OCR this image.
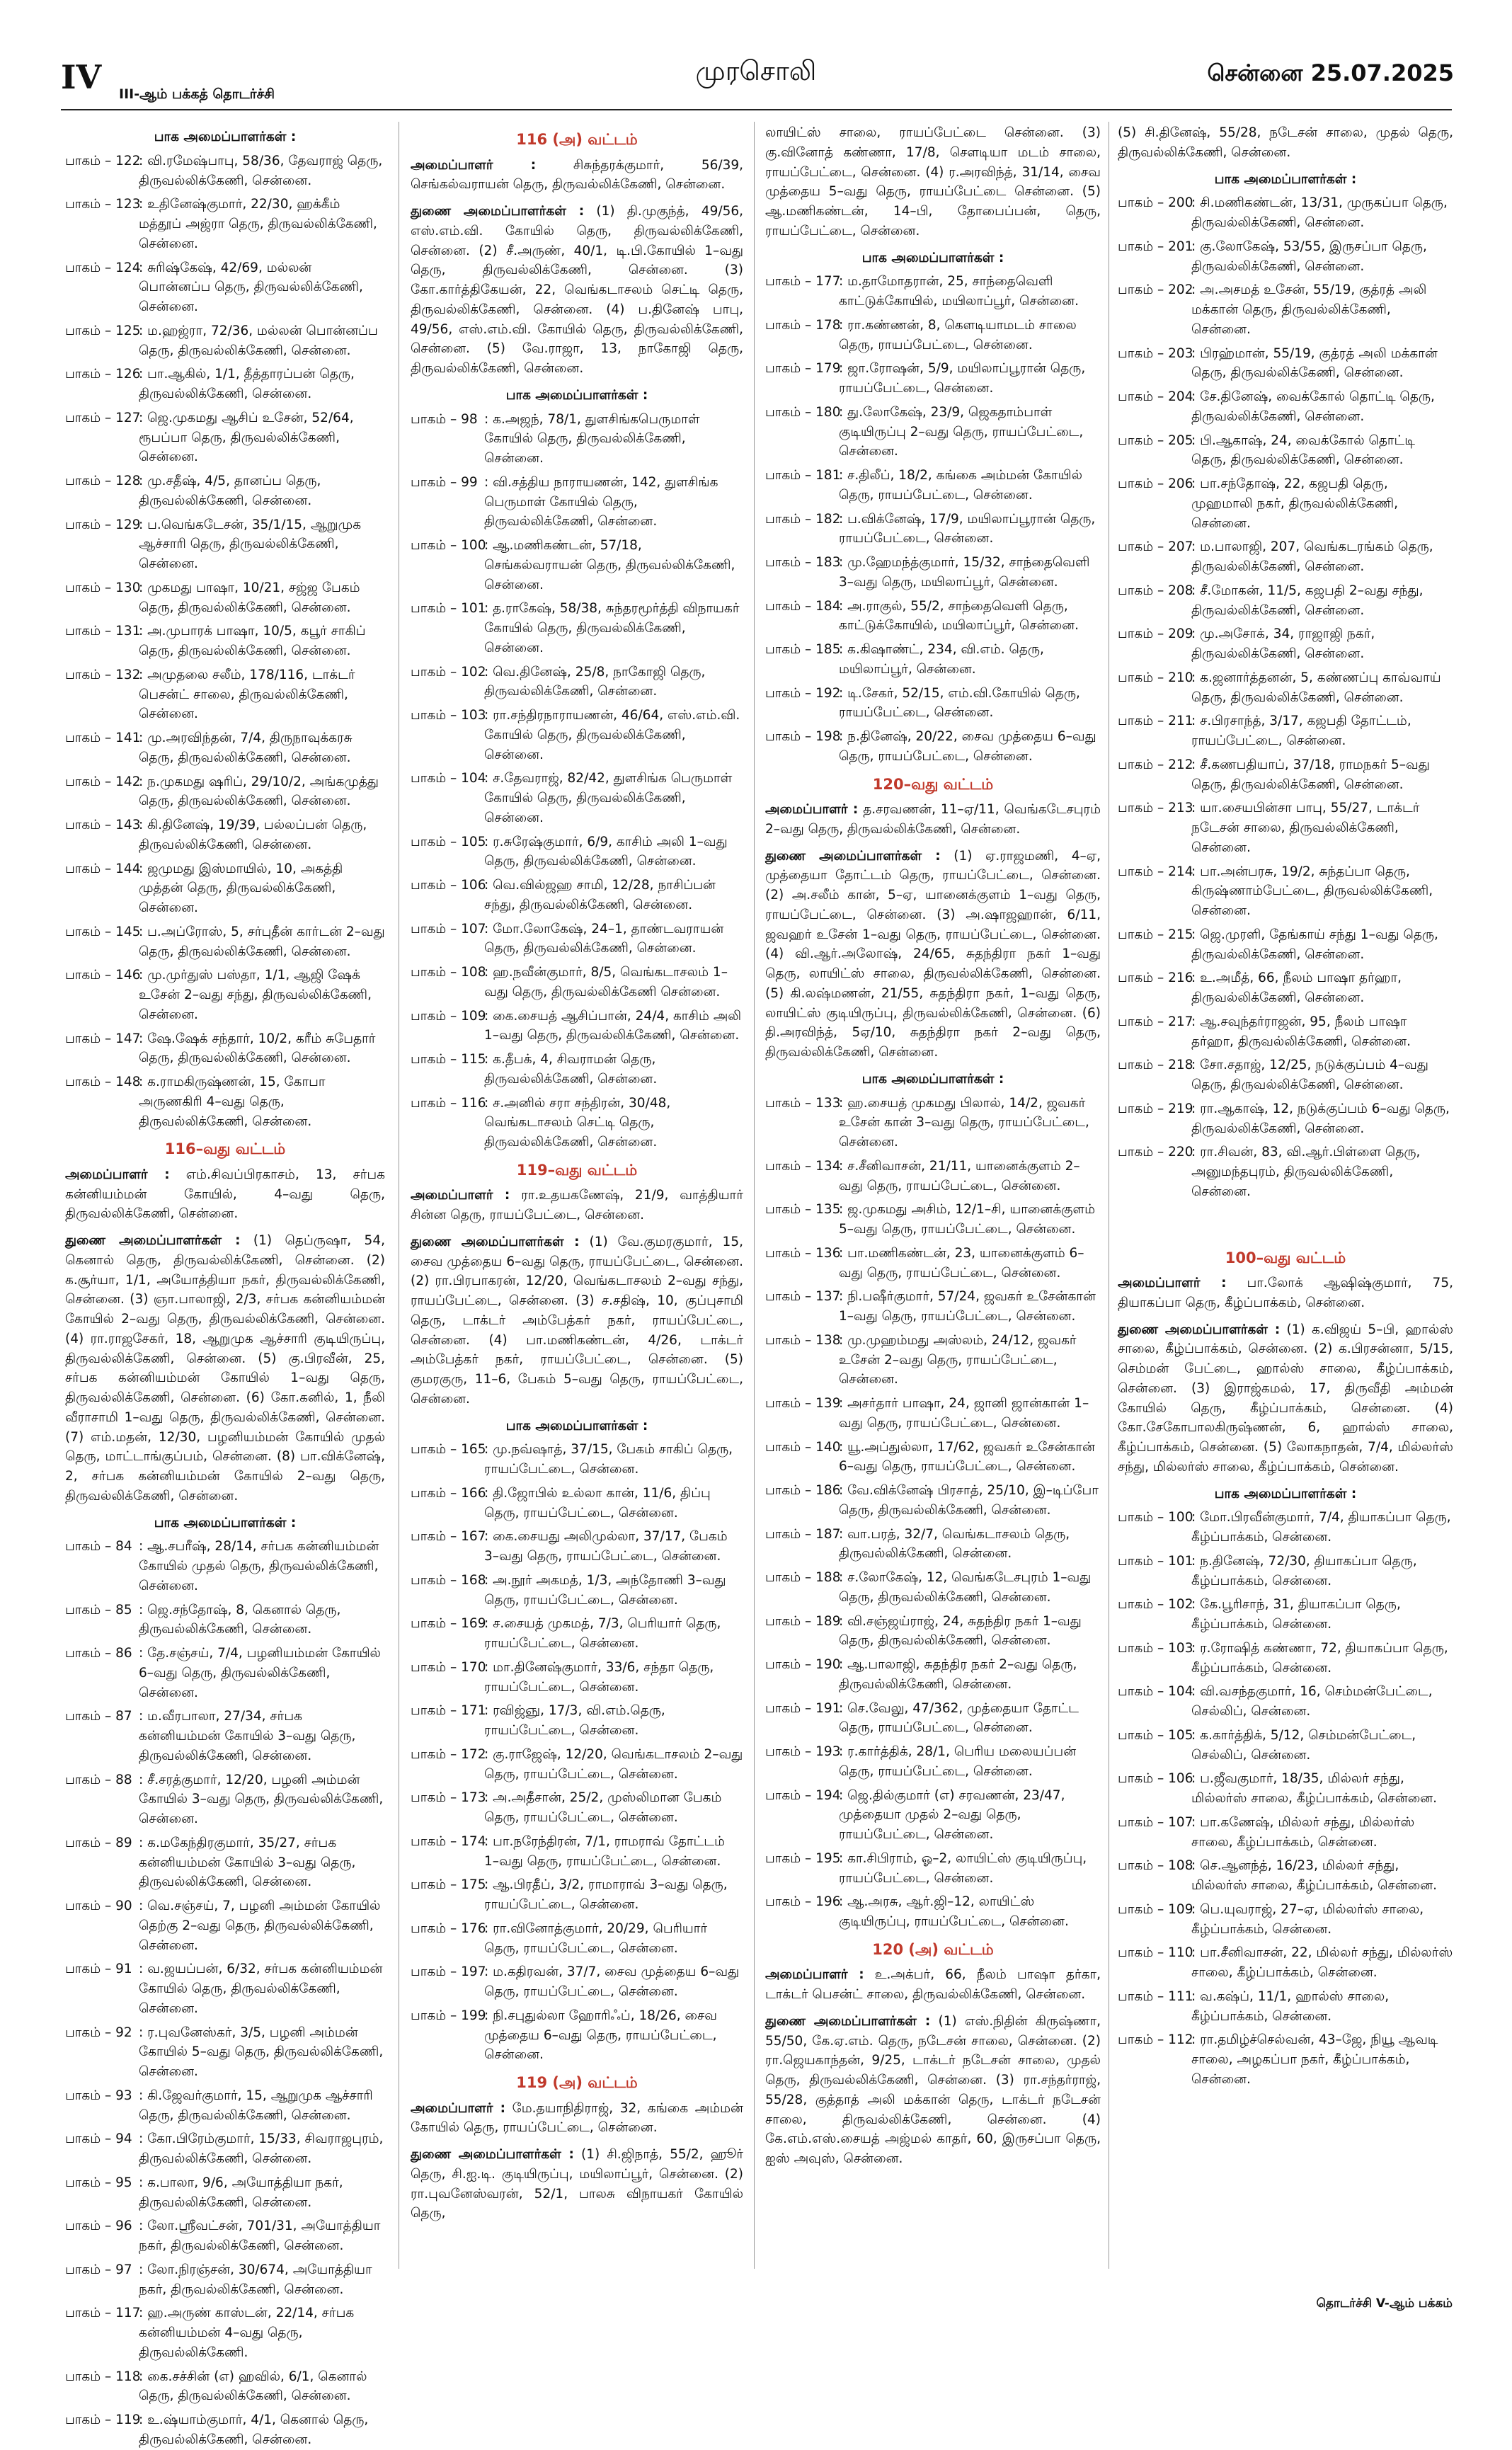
IV III-ஆம் பக்கத் தொடர்ச்சி
முரசொலி	சென்னை 25.07.2025
பாக அமைப்பாளர்கள் :
பாகம் – 122
: வி.ரமேஷ்பாபு, 58/36, தேவராஜ் தெரு, திருவல்லிக்கேணி, சென்னை.
பாகம் – 123
: உதினேஷ்குமார், 22/30, ஹக்கீம் மத்தூப் அஜ்ரா தெரு, திருவல்லிக்கேணி, சென்னை.
பாகம் – 124
: சுரிஷ்கேஷ், 42/69, மல்லன் பொன்னப்ப தெரு, திருவல்லிக்கேணி, சென்னை.
பாகம் – 125
: ம.ஹஜ்ரா, 72/36, மல்லன் பொன்னப்ப தெரு, திருவல்லிக்கேணி, சென்னை.
பாகம் – 126
: பா.ஆகில், 1/1, தீத்தாரப்பன் தெரு, திருவல்லிக்கேணி, சென்னை.
பாகம் – 127
: ஜெ.முகமது ஆசிப் உசேன், 52/64, ரூபப்பா தெரு, திருவல்லிக்கேணி, சென்னை.
பாகம் – 128
: மு.சதீஷ், 4/5, தானப்ப தெரு, திருவல்லிக்கேணி, சென்னை.
பாகம் – 129
: ப.வெங்கடேசன், 35/1/15, ஆறுமுக ஆச்சாரி தெரு, திருவல்லிக்கேணி, சென்னை.
பாகம் – 130
: முகமது பாஷா, 10/21, சஜ்ஜ பேகம் தெரு, திருவல்லிக்கேணி, சென்னை.
பாகம் – 131
: அ.முபாரக் பாஷா, 10/5, கபூர் சாகிப் தெரு, திருவல்லிக்கேணி, சென்னை.
பாகம் – 132
: அமுதலை சலீம், 178/116, டாக்டர் பெசன்ட் சாலை, திருவல்லிக்கேணி, சென்னை.
பாகம் – 141
: மு.அரவிந்தன், 7/4, திருநாவுக்கரசு தெரு, திருவல்லிக்கேணி, சென்னை.
பாகம் – 142
: ந.முகமது ஷரிப், 29/10/2, அங்கமுத்து தெரு, திருவல்லிக்கேணி, சென்னை.
பாகம் – 143
: கி.தினேஷ், 19/39, பல்லப்பன் தெரு, திருவல்லிக்கேணி, சென்னை.
பாகம் – 144
: ஜமுமது இஸ்மாயில், 10, அகத்தி முத்தன் தெரு, திருவல்லிக்கேணி, சென்னை.
பாகம் – 145
: ப.அப்ரோஸ், 5, சர்புதீன் கார்டன் 2–வது தெரு, திருவல்லிக்கேணி, சென்னை.
பாகம் – 146
: மு.முர்துஸ் பஸ்தா, 1/1, ஆஜி ஷேக் உசேன் 2–வது சந்து, திருவல்லிக்கேணி, சென்னை.
பாகம் – 147
: ஷே.ஷேக் சந்தார், 10/2, கரீம் சுபேதார் தெரு, திருவல்லிக்கேணி, சென்னை.
பாகம் – 148
: க.ராமகிருஷ்ணன், 15, கோபா அருணகிரி 4–வது தெரு, திருவல்லிக்கேணி, சென்னை.
116–வது வட்டம்
அமைப்பாளர் : எம்.சிவப்பிரகாசம், 13, சர்பக கன்னியம்மன் கோயில், 4–வது தெரு, திருவல்லிக்கேணி, சென்னை.
துணை அமைப்பாளர்கள் : (1) தெப்ருஷா, 54, கெனால் தெரு, திருவல்லிக்கேணி, சென்னை. (2) க.சூர்யா, 1/1, அயோத்தியா நகர், திருவல்லிக்கேணி, சென்னை. (3) ஞா.பாலாஜி, 2/3, சர்பக கன்னியம்மன் கோயில் 2–வது தெரு, திருவல்லிக்கேணி, சென்னை. (4) ரா.ராஜசேகர், 18, ஆறுமுக ஆச்சாரி குடியிருப்பு, திருவல்லிக்கேணி, சென்னை. (5) கு.பிரவீன், 25, சர்பக கன்னியம்மன் கோயில் 1–வது தெரு, திருவல்லிக்கேணி, சென்னை. (6) கோ.கனில், 1, நீலி வீராசாமி 1–வது தெரு, திருவல்லிக்கேணி, சென்னை. (7) எம்.மதன், 12/30, பழனியம்மன் கோயில் முதல் தெரு, மாட்டாங்குப்பம், சென்னை. (8) பா.விக்னேஷ், 2, சர்பக கன்னியம்மன் கோயில் 2–வது தெரு, திருவல்லிக்கேணி, சென்னை.
பாக அமைப்பாளர்கள் :
பாகம் – 84 : ஆ.சபரீஷ், 28/14, சர்பக கன்னியம்மன் கோயில் முதல் தெரு, திருவல்லிக்கேணி, சென்னை.
பாகம் – 85 : ஜெ.சந்தோஷ், 8, கெனால் தெரு, திருவல்லிக்கேணி, சென்னை.
பாகம் – 86 : தே.சஞ்சய், 7/4, பழனியம்மன் கோயில் 6–வது தெரு, திருவல்லிக்கேணி, சென்னை.
பாகம் – 87 : ம.வீரபாலா, 27/34, சர்பக கன்னியம்மன் கோயில் 3–வது தெரு, திருவல்லிக்கேணி, சென்னை.
பாகம் – 88 : சீ.சரத்குமார், 12/20, பழனி அம்மன் கோயில் 3–வது தெரு, திருவல்லிக்கேணி, சென்னை.
பாகம் – 89 : க.மகேந்திரகுமார், 35/27, சர்பக கன்னியம்மன் கோயில் 3–வது தெரு, திருவல்லிக்கேணி, சென்னை.
பாகம் – 90 : வெ.சஞ்சய், 7, பழனி அம்மன் கோயில் தெற்கு 2–வது தெரு, திருவல்லிக்கேணி, சென்னை.
பாகம் – 91 : வ.ஜயப்பன், 6/32, சர்பக கன்னியம்மன் கோயில் தெரு, திருவல்லிக்கேணி, சென்னை.
பாகம் – 92 : ர.புவனேஸ்கர், 3/5, பழனி அம்மன் கோயில் 5–வது தெரு, திருவல்லிக்கேணி, சென்னை.
பாகம் – 93 : கி.ஜேவர்குமார், 15, ஆறுமுக ஆச்சாரி தெரு, திருவல்லிக்கேணி, சென்னை.
பாகம் – 94 : கோ.பிரேம்குமார், 15/33, சிவராஜபுரம், திருவல்லிக்கேணி, சென்னை.
பாகம் – 95 : க.பாலா, 9/6, அயோத்தியா நகர், திருவல்லிக்கேணி, சென்னை.
பாகம் – 96 : லோ.ஸ்ரீவட்சன், 701/31, அயோத்தியா நகர், திருவல்லிக்கேணி, சென்னை.
பாகம் – 97 : லோ.நிரஞ்சன், 30/674, அயோத்தியா நகர், திருவல்லிக்கேணி, சென்னை.
பாகம் – 117
: ஹ.அருண் காஸ்டன், 22/14, சர்பக கன்னியம்மன் 4–வது தெரு, திருவல்லிக்கேணி.
பாகம் – 118
: கை.சச்சின் (எ) ஹவில், 6/1, கெனால் தெரு, திருவல்லிக்கேணி, சென்னை.
பாகம் – 119
: உ.ஷ்யாம்குமார், 4/1, கெனால் தெரு, திருவல்லிக்கேணி, சென்னை.
116 (அ) வட்டம்
அமைப்பாளர் :	சிசுந்தரக்குமார், 56/39, செங்கல்வராயன் தெரு, திருவல்லிக்கேணி, சென்னை.
துணை அமைப்பாளர்கள் : (1) தி.முகுந்த், 49/56, எஸ்.எம்.வி. கோயில் தெரு, திருவல்லிக்கேணி, சென்னை. (2) சீ.அருண், 40/1, டி.பி.கோயில் 1–வது தெரு, திருவல்லிக்கேணி, சென்னை. (3) கோ.கார்த்திகேயன், 22, வெங்கடாசலம் செட்டி தெரு, திருவல்லிக்கேணி, சென்னை. (4) ப.தினேஷ் பாபு, 49/56, எஸ்.எம்.வி. கோயில் தெரு, திருவல்லிக்கேணி, சென்னை. (5) வே.ராஜா, 13, நாகோஜி தெரு, திருவல்லிக்கேணி, சென்னை.
பாக அமைப்பாளர்கள் :
பாகம் – 98 : க.அஜந், 78/1, துளசிங்கபெருமாள் கோயில் தெரு, திருவல்லிக்கேணி, சென்னை.
பாகம் – 99 : வி.சத்திய நாராயணன், 142, துளசிங்க பெருமாள் கோயில் தெரு, திருவல்லிக்கேணி, சென்னை.
பாகம் – 100
: ஆ.மணிகண்டன், 57/18, செங்கல்வராயன் தெரு, திருவல்லிக்கேணி, சென்னை.
பாகம் – 101
: த.ராகேஷ், 58/38, சுந்தரமூர்த்தி விநாயகர் கோயில் தெரு, திருவல்லிக்கேணி, சென்னை.
பாகம் – 102
: வெ.தினேஷ், 25/8, நாகோஜி தெரு, திருவல்லிக்கேணி, சென்னை.
பாகம் – 103
: ரா.சந்திரநாராயணன், 46/64, எஸ்.எம்.வி. கோயில் தெரு, திருவல்லிக்கேணி, சென்னை.
பாகம் – 104
: ச.தேவராஜ், 82/42, துளசிங்க பெருமாள் கோயில் தெரு, திருவல்லிக்கேணி, சென்னை.
பாகம் – 105
: ர.சுரேஷ்குமார், 6/9, காசிம் அலி 1–வது தெரு, திருவல்லிக்கேணி, சென்னை.
பாகம் – 106
: வெ.வில்ஜஹ சாமி, 12/28, நாசிப்பன் சந்து, திருவல்லிக்கேணி, சென்னை.
பாகம் – 107
: மோ.லோகேஷ், 24–1, தாண்டவராயன் தெரு, திருவல்லிக்கேணி, சென்னை.
பாகம் – 108
: ஹ.நவீன்குமார், 8/5, வெங்கடாசலம் 1–வது தெரு, திருவல்லிக்கேணி சென்னை.
பாகம் – 109
: கை.சையத் ஆசிப்பான், 24/4, காசிம் அலி 1–வது தெரு, திருவல்லிக்கேணி, சென்னை.
பாகம் – 115
: க.தீபக், 4, சிவராமன் தெரு, திருவல்லிக்கேணி, சென்னை.
பாகம் – 116
: ச.அனில் சரா சந்திரன், 30/48, வெங்கடாசலம் செட்டி தெரு, திருவல்லிக்கேணி, சென்னை.
119–வது வட்டம்
அமைப்பாளர் : ரா.உதயகணேஷ், 21/9, வாத்தியார் சின்ன தெரு, ராயப்பேட்டை, சென்னை.
துணை அமைப்பாளர்கள் : (1) வே.குமரகுமார், 15, சைவ முத்தைய 6–வது தெரு, ராயப்பேட்டை, சென்னை. (2) ரா.பிரபாகரன், 12/20, வெங்கடாசலம் 2–வது சந்து, ராயப்பேட்டை, சென்னை. (3) ச.சதிஷ், 10, குப்புசாமி தெரு, டாக்டர் அம்பேத்கர் நகர், ராயப்பேட்டை, சென்னை. (4) பா.மணிகண்டன், 4/26, டாக்டர் அம்பேத்கர் நகர், ராயப்பேட்டை, சென்னை. (5) குமரகுரு, 11–6, பேகம் 5–வது தெரு, ராயப்பேட்டை, சென்னை.
பாக அமைப்பாளர்கள் :
பாகம் – 165
: மு.நவ்ஷாத், 37/15, பேகம் சாகிப் தெரு, ராயப்பேட்டை, சென்னை.
பாகம் – 166
: தி.ஜோபில் உல்லா கான், 11/6, திப்பு தெரு, ராயப்பேட்டை, சென்னை.
பாகம் – 167
: கை.சையது அலிமுல்லா, 37/17, பேகம் 3–வது தெரு, ராயப்பேட்டை, சென்னை.
பாகம் – 168
: அ.நூர் அகமத், 1/3, அந்தோணி 3–வது தெரு, ராயப்பேட்டை, சென்னை.
பாகம் – 169
: ச.சையத் முகமத், 7/3, பெரியார் தெரு, ராயப்பேட்டை, சென்னை.
பாகம் – 170
: மா.தினேஷ்குமார், 33/6, சந்தா தெரு, ராயப்பேட்டை, சென்னை.
பாகம் – 171
: ரவிஜ்ஞு, 17/3, வி.எம்.தெரு, ராயப்பேட்டை, சென்னை.
பாகம் – 172
: கு.ராஜேஷ், 12/20, வெங்கடாசலம் 2–வது தெரு, ராயப்பேட்டை, சென்னை.
பாகம் – 173
: அ.அதீசான், 25/2, முஸ்லிமான பேகம் தெரு, ராயப்பேட்டை, சென்னை.
பாகம் – 174
: பா.நரேந்திரன், 7/1, ராமராவ் தோட்டம் 1–வது தெரு, ராயப்பேட்டை, சென்னை.
பாகம் – 175
: ஆ.பிரதீப், 3/2, ராமாராவ் 3–வது தெரு, ராயப்பேட்டை, சென்னை.
பாகம் – 176
: ரா.வினோத்குமார், 20/29, பெரியார் தெரு, ராயப்பேட்டை, சென்னை.
பாகம் – 197
: ம.கதிரவன், 37/7, சைவ முத்தைய 6–வது தெரு, ராயப்பேட்டை, சென்னை.
பாகம் – 199
: நி.சபுதுல்லா ஹோரிஃப், 18/26, சைவ முத்தைய 6–வது தெரு, ராயப்பேட்டை, சென்னை.
119 (அ) வட்டம்
அமைப்பாளர் : மே.தயாநிதிராஜ், 32, கங்கை அம்மன் கோயில் தெரு, ராயப்பேட்டை, சென்னை.
துணை அமைப்பாளர்கள் : (1) சி.ஜிநாத், 55/2, ஹூர் தெரு, சி.ஐ.டி. குடியிருப்பு, மயிலாப்பூர், சென்னை. (2) ரா.புவனேஸ்வரன், 52/1, பாலசு விநாயகர் கோயில் தெரு,
லாயிட்ஸ் சாலை, ராயப்பேட்டை சென்னை. (3) கு.வினோத் கண்ணா, 17/8, செளடியா மடம் சாலை, ராயப்பேட்டை, சென்னை. (4) ர.அரவிந்த், 31/14, சைவ முத்தைய 5–வது தெரு, ராயப்பேட்டை சென்னை. (5) ஆ.மணிகண்டன், 14–பி, தோபைப்பன், தெரு, ராயப்பேட்டை, சென்னை.
பாக அமைப்பாளர்கள் :
பாகம் – 177
: ம.தாமோதரான், 25, சாந்தைவெளி காட்டுக்கோயில், மயிலாப்பூர், சென்னை.
பாகம் – 178
: ரா.கண்ணன், 8, கௌடியாமடம் சாலை தெரு, ராயப்பேட்டை, சென்னை.
பாகம் – 179
: ஜா.ரோஷன், 5/9, மயிலாப்பூரான் தெரு, ராயப்பேட்டை, சென்னை.
பாகம் – 180
: து.லோகேஷ், 23/9, ஜெகதாம்பாள் குடியிருப்பு 2–வது தெரு, ராயப்பேட்டை, சென்னை.
பாகம் – 181
: ச.திலீப், 18/2, கங்கை அம்மன் கோயில் தெரு, ராயப்பேட்டை, சென்னை.
பாகம் – 182
: ப.விக்னேஷ், 17/9, மயிலாப்பூரான் தெரு, ராயப்பேட்டை, சென்னை.
பாகம் – 183
: மு.ஹேமந்த்குமார், 15/32, சாந்தைவெளி 3–வது தெரு, மயிலாப்பூர், சென்னை.
பாகம் – 184
: அ.ராகுல், 55/2, சாந்தைவெளி தெரு, காட்டுக்கோயில், மயிலாப்பூர், சென்னை.
பாகம் – 185
: க.கிஷாண்ட், 234, வி.எம். தெரு, மயிலாப்பூர், சென்னை.
பாகம் – 192
: டி.சேகர், 52/15, எம்.வி.கோயில் தெரு, ராயப்பேட்டை, சென்னை.
பாகம் – 198
: ந.தினேஷ், 20/22, சைவ முத்தைய 6–வது தெரு, ராயப்பேட்டை, சென்னை.
120–வது வட்டம்
அமைப்பாளர் : த.சரவணன், 11–ஏ/11, வெங்கடேசபுரம் 2–வது தெரு, திருவல்லிக்கேணி, சென்னை.
துணை அமைப்பாளர்கள் : (1) ஏ.ராஜமணி, 4–ஏ, முத்தையா தோட்டம் தெரு, ராயப்பேட்டை, சென்னை. (2) அ.சலீம் கான், 5–ஏ, யானைக்குளம் 1–வது தெரு, ராயப்பேட்டை, சென்னை. (3) அ.ஷாஜஹான், 6/11, ஜவஹர் உசேன் 1–வது தெரு, ராயப்பேட்டை, சென்னை. (4) வி.ஆர்.அலோஷ், 24/65, சுதந்திரா நகர் 1–வது தெரு, லாயிட்ஸ் சாலை, திருவல்லிக்கேணி, சென்னை. (5) கி.லஷ்மணன், 21/55, சுதந்திரா நகர், 1–வது தெரு, லாயிட்ஸ் குடியிருப்பு, திருவல்லிக்கேணி, சென்னை. (6) தி.அரவிந்த், 5ஏ/10, சுதந்திரா நகர் 2–வது தெரு, திருவல்லிக்கேணி, சென்னை.
பாக அமைப்பாளர்கள் :
பாகம் – 133
: ஹ.சையத் முகமது பிலால், 14/2, ஜவகர் உசேன் கான் 3–வது தெரு, ராயப்பேட்டை, சென்னை.
பாகம் – 134
: ச.சீனிவாசன், 21/11, யானைக்குளம் 2–வது தெரு, ராயப்பேட்டை, சென்னை.
பாகம் – 135
: ஜ.முகமது அசிம், 12/1–சி, யானைக்குளம் 5–வது தெரு, ராயப்பேட்டை, சென்னை.
பாகம் – 136
: பா.மணிகண்டன், 23, யானைக்குளம் 6–வது தெரு, ராயப்பேட்டை, சென்னை.
பாகம் – 137
: நி.பஷீர்குமார், 57/24, ஜவகர் உசேன்கான் 1–வது தெரு, ராயப்பேட்டை, சென்னை.
பாகம் – 138
: மு.முஹம்மது அஸ்லம், 24/12, ஜவகர் உசேன் 2–வது தெரு, ராயப்பேட்டை, சென்னை.
பாகம் – 139
: அசர்தார் பாஷா, 24, ஜானி ஜான்கான் 1–வது தெரு, ராயப்பேட்டை, சென்னை.
பாகம் – 140
: யூ.அப்துல்லா, 17/62, ஜவகர் உசேன்கான் 6–வது தெரு, ராயப்பேட்டை, சென்னை.
பாகம் – 186
: வே.விக்னேஷ் பிரசாத், 25/10, இ–டிப்போ தெரு, திருவல்லிக்கேணி, சென்னை.
பாகம் – 187
: வா.பரத், 32/7, வெங்கடாசலம் தெரு, திருவல்லிக்கேணி, சென்னை.
பாகம் – 188
: ச.லோகேஷ், 12, வெங்கடேசபுரம் 1–வது தெரு, திருவல்லிக்கேணி, சென்னை.
பாகம் – 189
: வி.சஞ்ஜய்ராஜ், 24, சுதந்திர நகர் 1–வது தெரு, திருவல்லிக்கேணி, சென்னை.
பாகம் – 190
: ஆ.பாலாஜி, சுதந்திர நகர் 2–வது தெரு, திருவல்லிக்கேணி, சென்னை.
பாகம் – 191
: செ.வேலு, 47/362, முத்தையா தோட்ட தெரு, ராயப்பேட்டை, சென்னை.
பாகம் – 193
: ர.கார்த்திக், 28/1, பெரிய மலையப்பன் தெரு, ராயப்பேட்டை, சென்னை.
பாகம் – 194
: ஜெ.தில்குமார் (எ) சரவணன், 23/47, முத்தையா முதல் 2–வது தெரு, ராயப்பேட்டை, சென்னை.
பாகம் – 195
: கா.சிபிராம், ஓ–2, லாயிட்ஸ் குடியிருப்பு, ராயப்பேட்டை, சென்னை.
பாகம் – 196
: ஆ.அரசு, ஆர்.ஜி–12, லாயிட்ஸ் குடியிருப்பு, ராயப்பேட்டை, சென்னை.
120 (அ) வட்டம்
அமைப்பாளர் : உ.அக்பர், 66, நீலம் பாஷா தர்கா, டாக்டர் பெசன்ட் சாலை, திருவல்லிக்கேணி, சென்னை.
துணை அமைப்பாளர்கள் : (1) எஸ்.நிதின் கிருஷ்ணா, 55/50, கே.ஏ.எம். தெரு, நடேசன் சாலை, சென்னை. (2) ரா.ஜெயகாந்தன், 9/25, டாக்டர் நடேசன் சாலை, முதல் தெரு, திருவல்லிக்கேணி, சென்னை. (3) ரா.சந்தர்ராஜ், 55/28, குத்தாத் அலி மக்கான் தெரு, டாக்டர் நடேசன் சாலை, திருவல்லிக்கேணி, சென்னை. (4) கே.எம்.எஸ்.சையத் அஜ்மல் காதர், 60, இருசப்பா தெரு, ஐஸ் அவுஸ், சென்னை.
(5) சி.தினேஷ், 55/28, நடேசன் சாலை, முதல் தெரு, திருவல்லிக்கேணி, சென்னை.
பாக அமைப்பாளர்கள் :
பாகம் – 200
: சி.மணிகண்டன், 13/31, முருகப்பா தெரு, திருவல்லிக்கேணி, சென்னை.
பாகம் – 201
: கு.லோகேஷ், 53/55, இருசப்பா தெரு, திருவல்லிக்கேணி, சென்னை.
பாகம் – 202
: அ.அசமத் உசேன், 55/19, குத்ரத் அலி மக்கான் தெரு, திருவல்லிக்கேணி, சென்னை.
பாகம் – 203
: பிரஹ்மான், 55/19, குத்ரத் அலி மக்கான் தெரு, திருவல்லிக்கேணி, சென்னை.
பாகம் – 204
: சே.தினேஷ், வைக்கோல் தொட்டி தெரு, திருவல்லிக்கேணி, சென்னை.
பாகம் – 205
: பி.ஆகாஷ், 24, வைக்கோல் தொட்டி தெரு, திருவல்லிக்கேணி, சென்னை.
பாகம் – 206
: பா.சந்தோஷ், 22, கஜபதி தெரு, முஹமாலி நகர், திருவல்லிக்கேணி, சென்னை.
பாகம் – 207
: ம.பாலாஜி, 207, வெங்கடரங்கம் தெரு, திருவல்லிக்கேணி, சென்னை.
பாகம் – 208
: சீ.மோகன், 11/5, கஜபதி 2–வது சந்து, திருவல்லிக்கேணி, சென்னை.
பாகம் – 209
: மு.அசோக், 34, ராஜாஜி நகர், திருவல்லிக்கேணி, சென்னை.
பாகம் – 210
: க.ஜனார்த்தனன், 5, கண்ணப்பு காவ்வாய் தெரு, திருவல்லிக்கேணி, சென்னை.
பாகம் – 211
: ச.பிரசாந்த், 3/17, கஜபதி தோட்டம், ராயப்பேட்டை, சென்னை.
பாகம் – 212
: சீ.கணபதியாப், 37/18, ராமநகர் 5–வது தெரு, திருவல்லிக்கேணி, சென்னை.
பாகம் – 213
: யா.சையபின்சா பாபு, 55/27, டாக்டர் நடேசன் சாலை, திருவல்லிக்கேணி, சென்னை.
பாகம் – 214
: பா.அன்பரசு, 19/2, சுந்தப்பா தெரு, கிருஷ்ணாம்பேட்டை, திருவல்லிக்கேணி, சென்னை.
பாகம் – 215
: ஜெ.முரளி, தேங்காய் சந்து 1–வது தெரு, திருவல்லிக்கேணி, சென்னை.
பாகம் – 216
: உ.அமீத், 66, நீலம் பாஷா தர்ஹா, திருவல்லிக்கேணி, சென்னை.
பாகம் – 217
: ஆ.சவுந்தர்ராஜன், 95, நீலம் பாஷா தர்ஹா, திருவல்லிக்கேணி, சென்னை.
பாகம் – 218
: சோ.சதாஜ், 12/25, நடுக்குப்பம் 4–வது தெரு, திருவல்லிக்கேணி, சென்னை.
பாகம் – 219
: ரா.ஆகாஷ், 12, நடுக்குப்பம் 6–வது தெரு, திருவல்லிக்கேணி, சென்னை.
பாகம் – 220
: ரா.சிவன், 83, வி.ஆர்.பிள்ளை தெரு, அனுமந்தபுரம், திருவல்லிக்கேணி, சென்னை.
100–வது வட்டம்
அமைப்பாளர் : பா.லோக் ஆஷிஷ்குமார், 75, தியாகப்பா தெரு, கீழ்ப்பாக்கம், சென்னை.
துணை அமைப்பாளர்கள் : (1) க.விஜய் 5–பி, ஹால்ஸ் சாலை, கீழ்ப்பாக்கம், சென்னை. (2) க.பிரசன்னா, 5/15, செம்மன் பேட்டை, ஹால்ஸ் சாலை, கீழ்ப்பாக்கம், சென்னை. (3) இராஜ்கமல், 17, திருவீதி அம்மன் கோயில் தெரு, கீழ்ப்பாக்கம், சென்னை. (4) கோ.சேகோபாலகிருஷ்ணன், 6, ஹால்ஸ் சாலை, கீழ்ப்பாக்கம், சென்னை. (5) லோகநாதன், 7/4, மில்லர்ஸ் சந்து, மில்லர்ஸ் சாலை, கீழ்ப்பாக்கம், சென்னை.
பாக அமைப்பாளர்கள் :
பாகம் – 100
: மோ.பிரவீன்குமார், 7/4, தியாகப்பா தெரு, கீழ்ப்பாக்கம், சென்னை.
பாகம் – 101
: ந.தினேஷ், 72/30, தியாகப்பா தெரு, கீழ்ப்பாக்கம், சென்னை.
பாகம் – 102
: கே.பூரிசாந், 31, தியாகப்பா தெரு, கீழ்ப்பாக்கம், சென்னை.
பாகம் – 103
: ர.ரோஷித் கண்ணா, 72, தியாகப்பா தெரு, கீழ்ப்பாக்கம், சென்னை.
பாகம் – 104
: வி.வசந்தகுமார், 16, செம்மன்பேட்டை, செல்லிப், சென்னை.
பாகம் – 105
: க.கார்த்திக், 5/12, செம்மன்பேட்டை, செல்லிப், சென்னை.
பாகம் – 106
: ப.ஜீவகுமார், 18/35, மில்லர் சந்து, மில்லர்ஸ் சாலை, கீழ்ப்பாக்கம், சென்னை.
பாகம் – 107
: பா.கணேஷ், மில்லர் சந்து, மில்லர்ஸ் சாலை, கீழ்ப்பாக்கம், சென்னை.
பாகம் – 108
: செ.ஆனந்த், 16/23, மில்லர் சந்து, மில்லர்ஸ் சாலை, கீழ்ப்பாக்கம், சென்னை.
பாகம் – 109
: பெ.யுவராஜ், 27–ஏ, மில்லர்ஸ் சாலை, கீழ்ப்பாக்கம், சென்னை.
பாகம் – 110
: பா.சீனிவாசன், 22, மில்லர் சந்து, மில்லர்ஸ் சாலை, கீழ்ப்பாக்கம், சென்னை.
பாகம் – 111
: வ.கஷ்ப், 11/1, ஹால்ஸ் சாலை, கீழ்ப்பாக்கம், சென்னை.
பாகம் – 112
: ரா.தமிழ்ச்செல்வன், 43–ஜே, நியூ ஆவடி சாலை, அழகப்பா நகர், கீழ்ப்பாக்கம், சென்னை.
தொடர்ச்சி V-ஆம் பக்கம்
